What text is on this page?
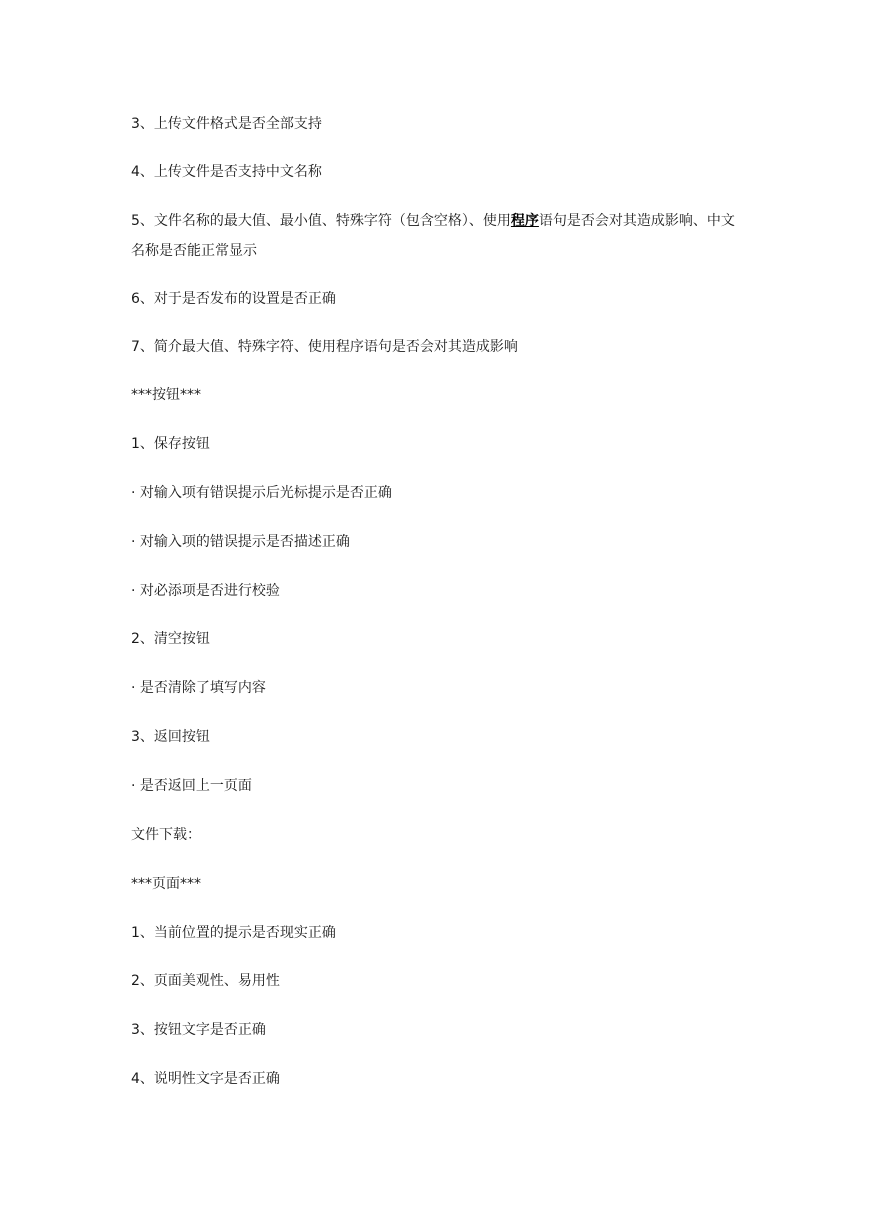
3、上传文件格式是否全部支持
4、上传文件是否支持中文名称
5、文件名称的最大值、最小值、特殊字符（包含空格）、使用程序语句是否会对其造成影响、中文名称是否能正常显示
6、对于是否发布的设置是否正确
7、简介最大值、特殊字符、使用程序语句是否会对其造成影响
***按钮***
1、保存按钮
· 对输入项有错误提示后光标提示是否正确
· 对输入项的错误提示是否描述正确
· 对必添项是否进行校验
2、清空按钮
· 是否清除了填写内容
3、返回按钮
· 是否返回上一页面
文件下载：
***页面***
1、当前位置的提示是否现实正确
2、页面美观性、易用性
3、按钮文字是否正确
4、说明性文字是否正确
